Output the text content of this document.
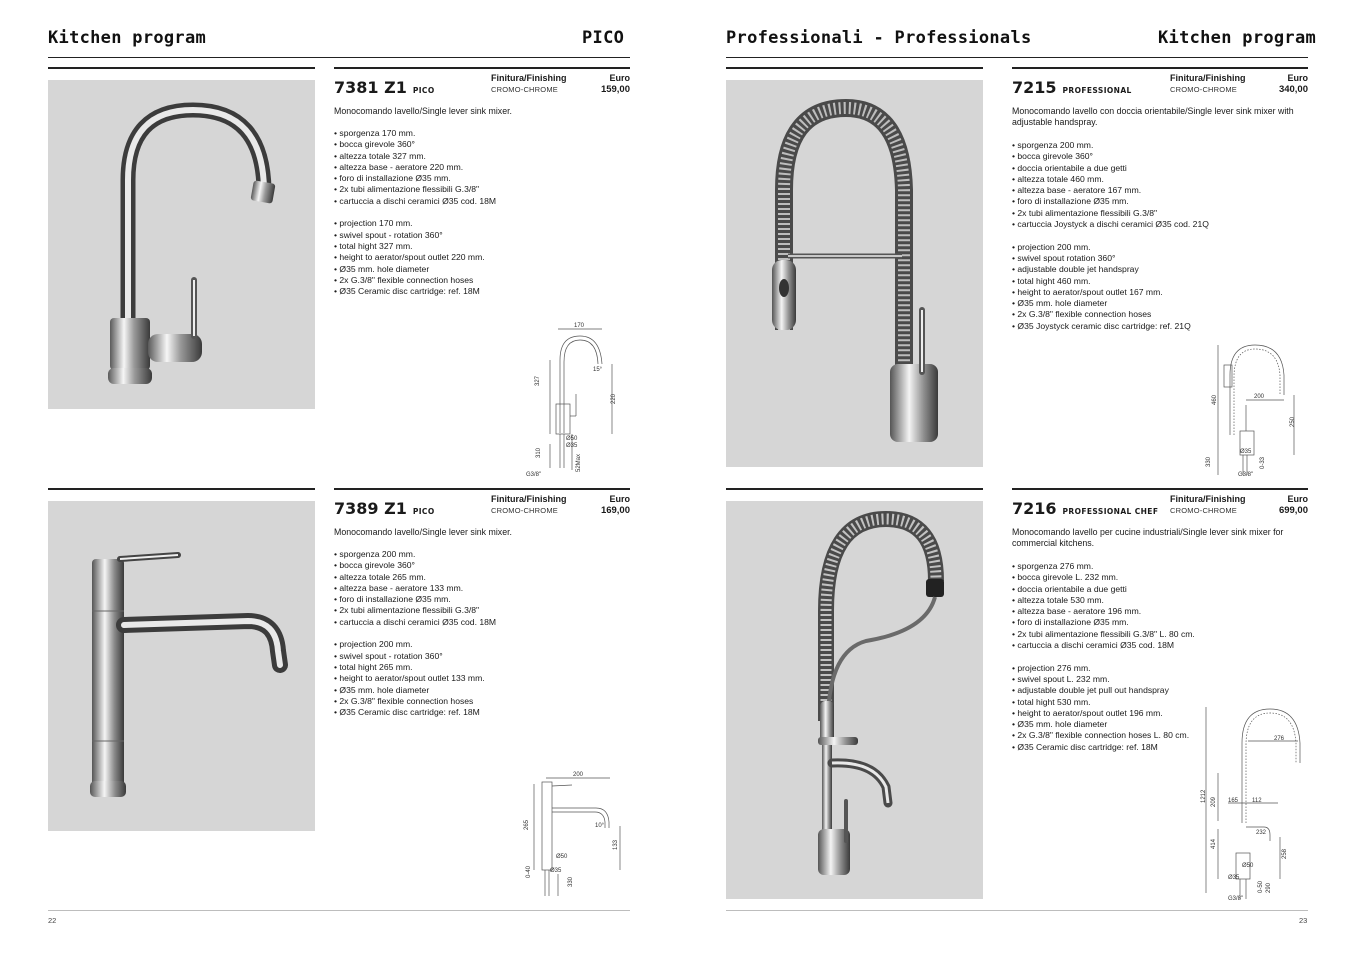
Kitchen program	PICO	Professionali - Professionals	Kitchen program
7381 Z1 PICO
Finitura/Finishing
CROMO-CHROME
Euro
159,00
Monocomando lavello/Single lever sink mixer.
• sporgenza 170 mm.
• bocca girevole 360°
• altezza totale 327 mm.
• altezza base - aeratore 220 mm.
• foro di installazione Ø35 mm.
• 2x tubi alimentazione flessibili G.3/8"
• cartuccia a dischi ceramici Ø35 cod. 18M
• projection 170 mm.
• swivel spout - rotation 360°
• total hight 327 mm.
• height to aerator/spout outlet 220 mm.
• Ø35 mm. hole diameter
• 2x G.3/8" flexible connection hoses
• Ø35 Ceramic disc cartridge: ref. 18M
170
15°
327
220
310
Ø50
Ø35
52Max
G3/8"
7389 Z1 PICO
Finitura/Finishing
CROMO-CHROME
Euro
169,00
Monocomando lavello/Single lever sink mixer.
• sporgenza 200 mm.
• bocca girevole 360°
• altezza totale 265 mm.
• altezza base - aeratore 133 mm.
• foro di installazione Ø35 mm.
• 2x tubi alimentazione flessibili G.3/8"
• cartuccia a dischi ceramici Ø35 cod. 18M
• projection 200 mm.
• swivel spout - rotation 360°
• total hight 265 mm.
• height to aerator/spout outlet 133 mm.
• Ø35 mm. hole diameter
• 2x G.3/8" flexible connection hoses
• Ø35 Ceramic disc cartridge: ref. 18M
200
10°
265
133
Ø50
Ø35
0-40
330
7215 PROFESSIONAL
Finitura/Finishing
CROMO-CHROME
Euro
340,00
Monocomando lavello con doccia orientabile/Single lever sink mixer with adjustable handspray.
• sporgenza 200 mm.
• bocca girevole 360°
• doccia orientabile a due getti
• altezza totale 460 mm.
• altezza base - aeratore 167 mm.
• foro di installazione Ø35 mm.
• 2x tubi alimentazione flessibili G.3/8"
• cartuccia Joystyck a dischi ceramici Ø35 cod. 21Q
• projection 200 mm.
• swivel spout rotation 360°
• adjustable double jet handspray
• total hight 460 mm.
• height to aerator/spout outlet 167 mm.
• Ø35 mm. hole diameter
• 2x G.3/8" flexible connection hoses
• Ø35 Joystyck ceramic disc cartridge: ref. 21Q
460	200
250
330
Ø35
0-33
G3/8"
7216 PROFESSIONAL CHEF
Finitura/Finishing
CROMO-CHROME
Euro
699,00
Monocomando lavello per cucine industriali/Single lever sink mixer for commercial kitchens.
• sporgenza 276 mm.
• bocca girevole L. 232 mm.
• doccia orientabile a due getti
• altezza totale 530 mm.
• altezza base - aeratore 196 mm.
• foro di installazione Ø35 mm.
• 2x tubi alimentazione flessibili G.3/8" L. 80 cm.
• cartuccia a dischi ceramici Ø35 cod. 18M
• projection 276 mm.
• swivel spout L. 232 mm.
• adjustable double jet pull out handspray
• total hight 530 mm.
• height to aerator/spout outlet 196 mm.
• Ø35 mm. hole diameter
• 2x G.3/8" flexible connection hoses L. 80 cm.
• Ø35 Ceramic disc cartridge: ref. 18M
276
1212 209 165 112
232
414
258
Ø50
Ø35
0-50 290
G3/8"
22	23
